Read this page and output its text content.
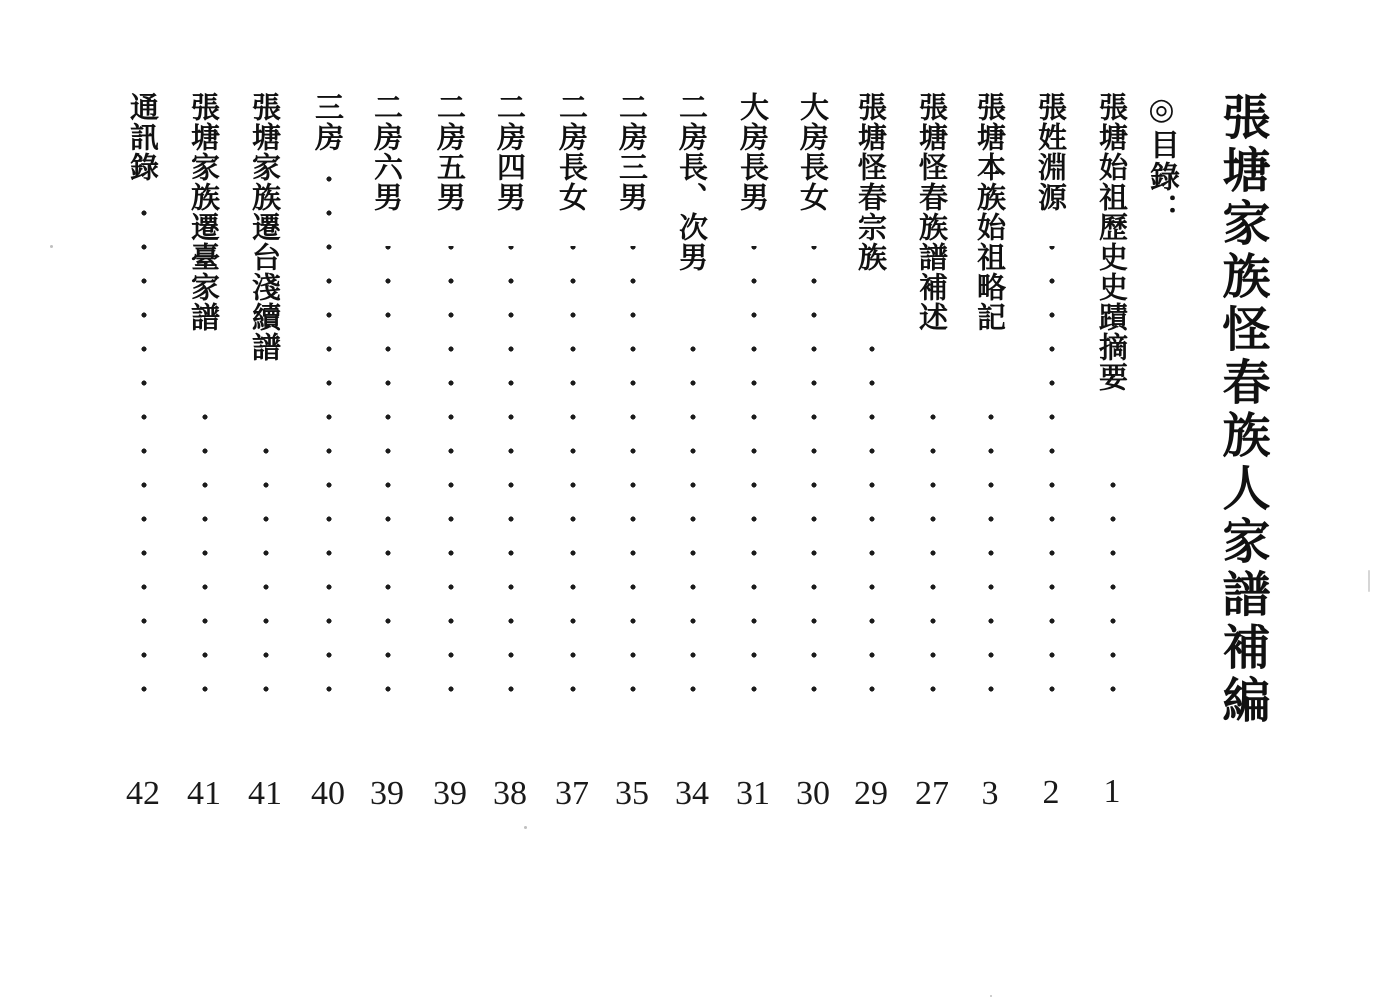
張塘家族怪春族人家譜補編
◎目錄：
張塘始祖歷史史蹟摘要
1
張姓淵源
2
張塘本族始祖略記
3
張塘怪春族譜補述
27
張塘怪春宗族
29
大房長女
30
大房長男
31
二房長、次男
34
二房三男
35
二房長女
37
二房四男
38
二房五男
39
二房六男
39
三房
40
張塘家族遷台淺續譜
41
張塘家族遷臺家譜
41
通訊錄
42
